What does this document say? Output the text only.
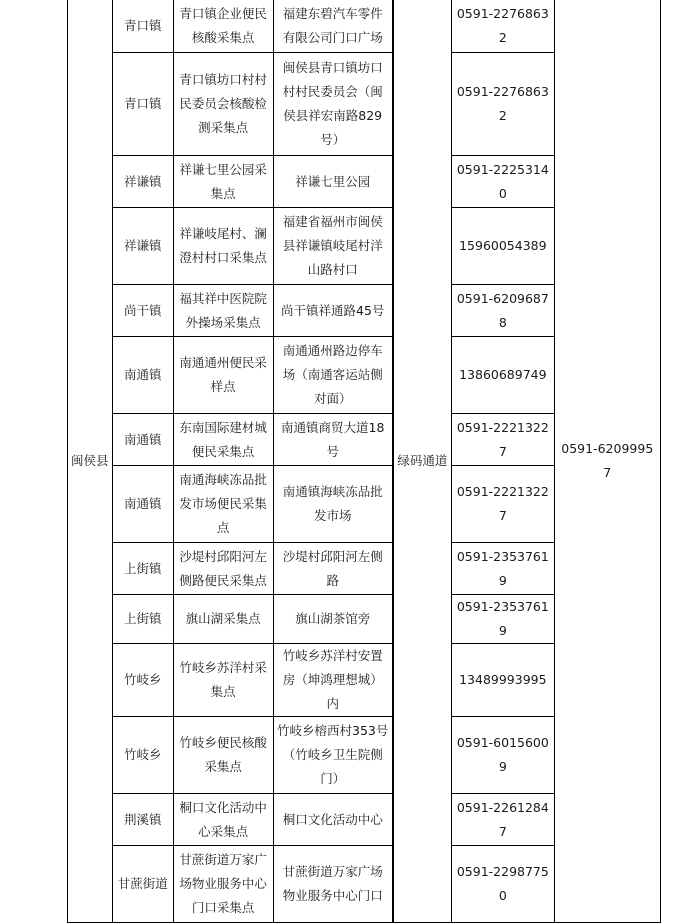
	闽侯县	青口镇	青口镇企业便民核酸采集点	福建东碧汽车零件有限公司门口广场	绿码通道	0591-22768632	0591-62099957	
		青口镇	青口镇坊口村村民委员会核酸检测采集点	闽侯县青口镇坊口村村民委员会（闽侯县祥宏南路829号）		0591-22768632		
		祥谦镇	祥谦七里公园采集点	祥谦七里公园		0591-22253140		
		祥谦镇	祥谦岐尾村、澜澄村村口采集点	福建省福州市闽侯县祥谦镇岐尾村洋山路村口		15960054389		
		尚干镇	福其祥中医院院外操场采集点	尚干镇祥通路45号		0591-62096878		
		南通镇	南通通州便民采样点	南通通州路边停车场（南通客运站侧对面）		13860689749		
		南通镇	东南国际建材城便民采集点	南通镇商贸大道18号		0591-22213227		
		南通镇	南通海峡冻品批发市场便民采集点	南通镇海峡冻品批发市场		0591-22213227		
		上街镇	沙堤村邱阳河左侧路便民采集点	沙堤村邱阳河左侧路		0591-23537619		
		上街镇	旗山湖采集点	旗山湖茶馆旁		0591-23537619		
		竹岐乡	竹岐乡苏洋村采集点	竹岐乡苏洋村安置房（坤鸿理想城）内		13489993995		
		竹岐乡	竹岐乡便民核酸采集点	竹岐乡榕西村353号（竹岐乡卫生院侧门）		0591-60156009		
		荆溪镇	桐口文化活动中心采集点	桐口文化活动中心		0591-22612847		
		甘蔗街道	甘蔗街道万家广场物业服务中心门口采集点	甘蔗街道万家广场物业服务中心门口		0591-22987750		
